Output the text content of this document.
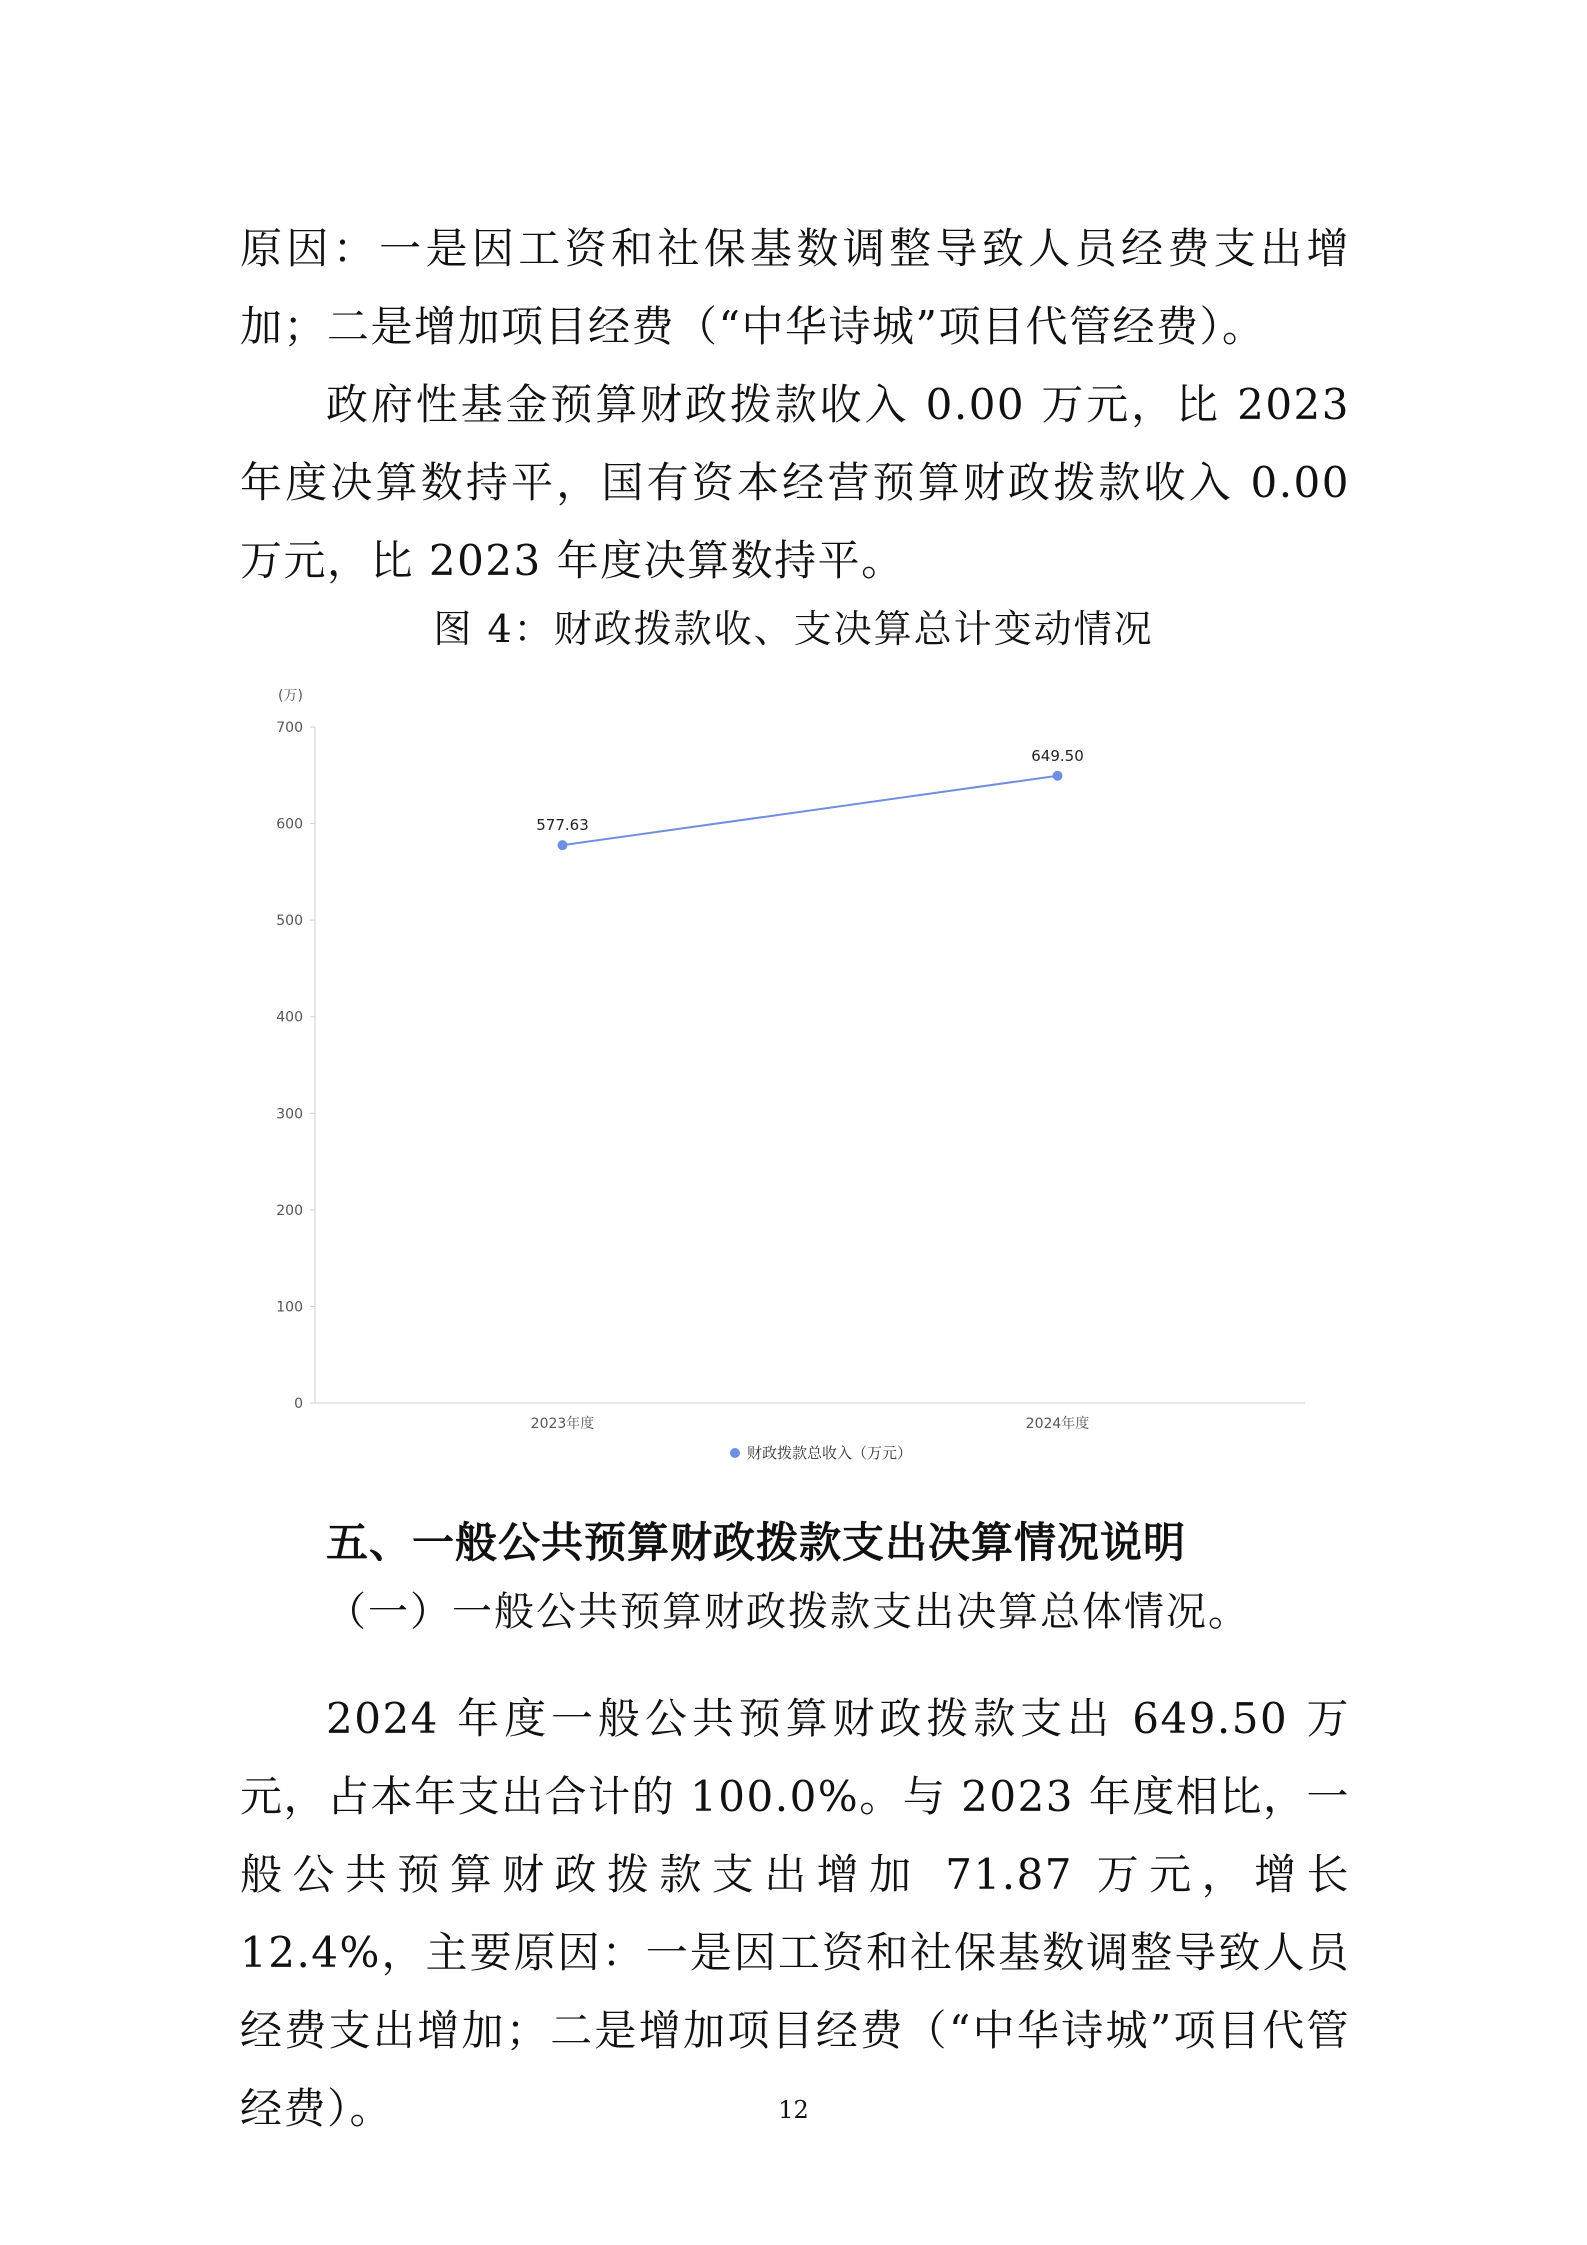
原因：一是因工资和社保基数调整导致人员经费支出增加；二是增加项目经费（“中华诗城”项目代管经费）。

政府性基金预算财政拨款收入 0.00 万元，比 2023 年度决算数持平，国有资本经营预算财政拨款收入 0.00 万元，比 2023 年度决算数持平。

图 4：财政拨款收、支决算总计变动情况

(万)
0
100
200
300
400
500
600
700
2023年度	2024年度
577.63
649.50
财政拨款总收入（万元）

五、一般公共预算财政拨款支出决算情况说明

（一）一般公共预算财政拨款支出决算总体情况。

2024 年度一般公共预算财政拨款支出 649.50 万元，占本年支出合计的 100.0%。与 2023 年度相比，一般公共预算财政拨款支出增加 71.87 万元，增长 12.4%，主要原因：一是因工资和社保基数调整导致人员经费支出增加；二是增加项目经费（“中华诗城”项目代管经费）。	12
